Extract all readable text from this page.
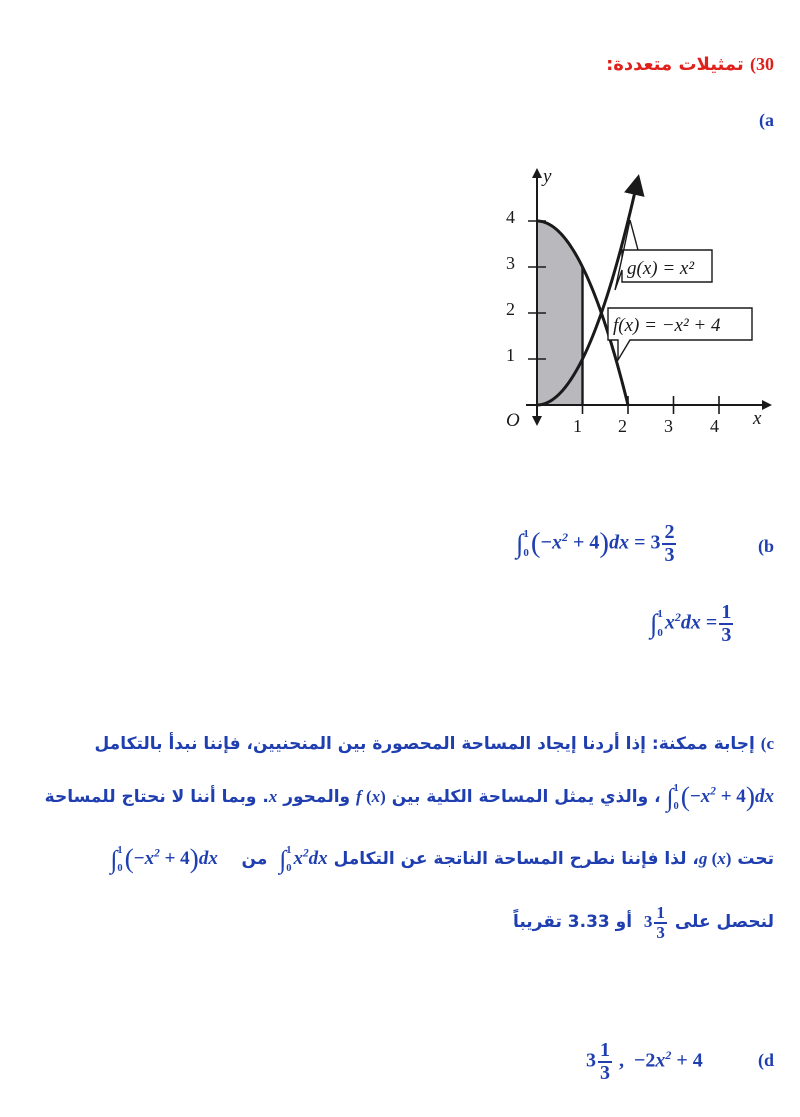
30) تمثيلات متعددة:
(a
y
x
O	1 2 3 4
1
2
3
4
g(x) = x²
f(x) = −x² + 4
∫ 1
0 $(-x^2 + 4)dx = 3 \frac{2}{3}$	(b
∫ 1
0 $x^2dx = \frac{1}{3}$
c) إجابة ممكنة: إذا أردنا إيجاد المساحة المحصورة بين المنحنيين، فإننا نبدأ بالتكامل
∫ 1
0 $(-x^2 + 4)dx$ ، والذي يمثل المساحة الكلية بين f (x) والمحور x. وبما أننا لا نحتاج للمساحة
تحت g (x)، لذا فإننا نطرح المساحة الناتجة عن التكامل ∫ 1
0 $x^2dx$  من    ∫ 1
0 $(-x^2 + 4)dx$
لنحصل على $3 \frac{1}{3}$
أو 3.33 تقريباً
$3 \frac{1}{3}$ , $-2x^2 + 4$	(d
